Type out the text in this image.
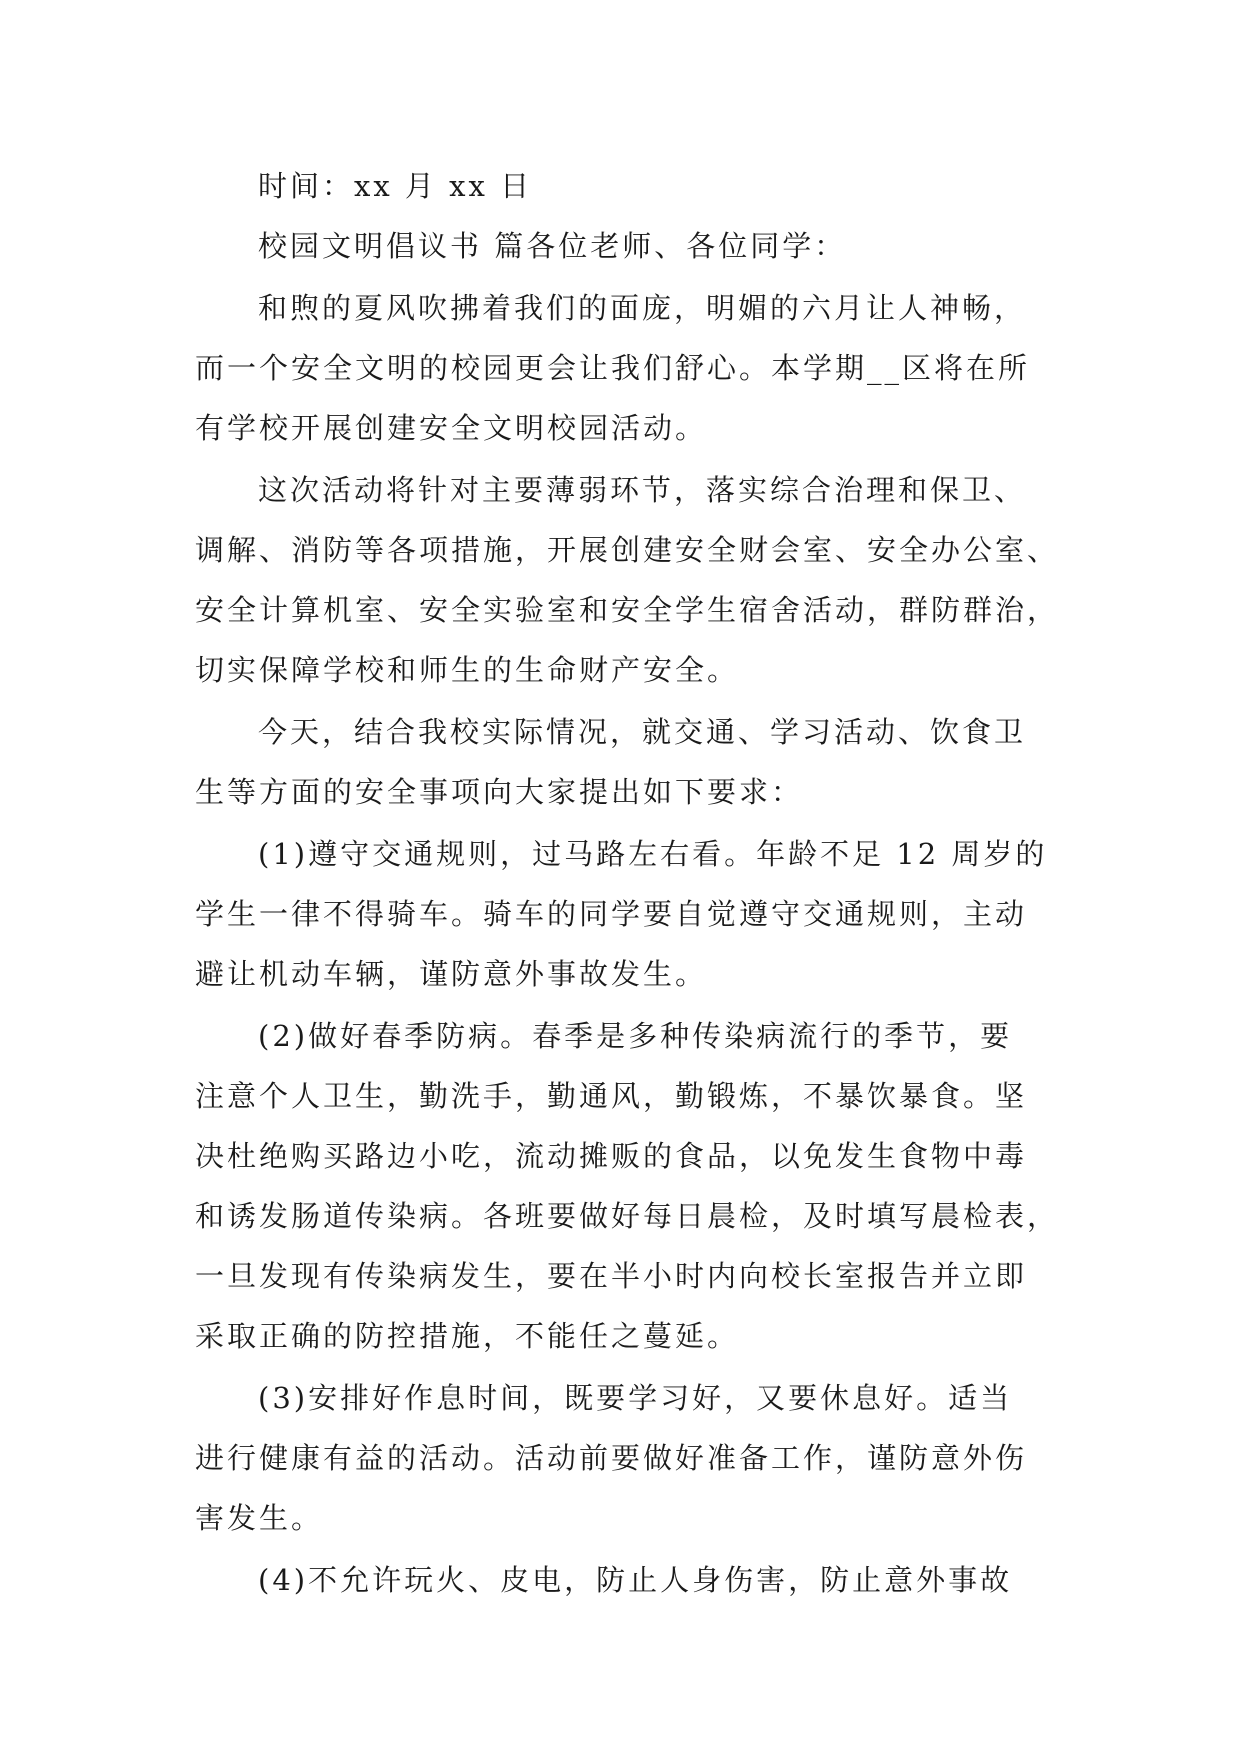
时间：xx 月 xx 日
校园文明倡议书 篇各位老师、各位同学：
和煦的夏风吹拂着我们的面庞，明媚的六月让人神畅，
而一个安全文明的校园更会让我们舒心。本学期__区将在所
有学校开展创建安全文明校园活动。
这次活动将针对主要薄弱环节，落实综合治理和保卫、
调解、消防等各项措施，开展创建安全财会室、安全办公室、
安全计算机室、安全实验室和安全学生宿舍活动，群防群治，
切实保障学校和师生的生命财产安全。
今天，结合我校实际情况，就交通、学习活动、饮食卫
生等方面的安全事项向大家提出如下要求：
(1)遵守交通规则，过马路左右看。年龄不足 12 周岁的
学生一律不得骑车。骑车的同学要自觉遵守交通规则，主动
避让机动车辆，谨防意外事故发生。
(2)做好春季防病。春季是多种传染病流行的季节，要
注意个人卫生，勤洗手，勤通风，勤锻炼，不暴饮暴食。坚
决杜绝购买路边小吃，流动摊贩的食品，以免发生食物中毒
和诱发肠道传染病。各班要做好每日晨检，及时填写晨检表，
一旦发现有传染病发生，要在半小时内向校长室报告并立即
采取正确的防控措施，不能任之蔓延。
(3)安排好作息时间，既要学习好，又要休息好。适当
进行健康有益的活动。活动前要做好准备工作，谨防意外伤
害发生。
(4)不允许玩火、皮电，防止人身伤害，防止意外事故
